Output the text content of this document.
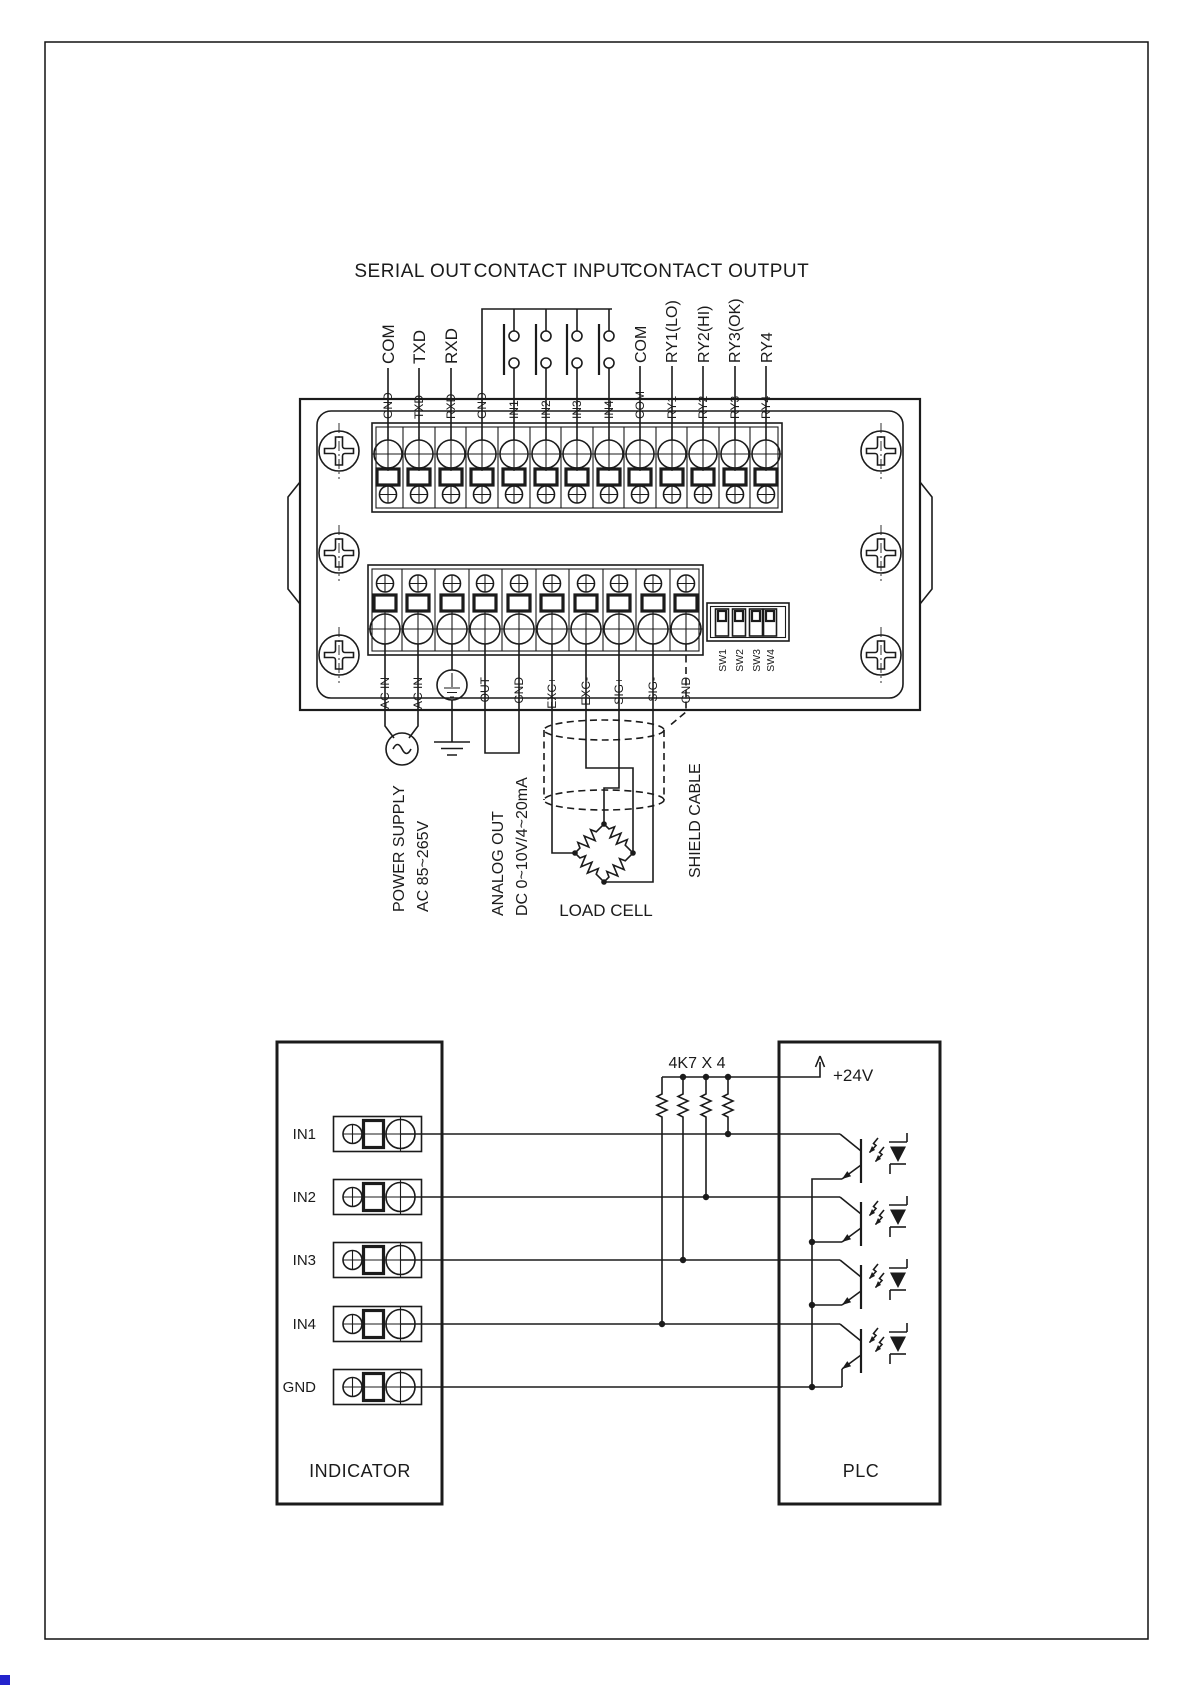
SERIAL OUT CONTACT INPUT
CONTACT OUTPUT
COM TXD RXD	COM RY1(LO) RY2(HI) RY3(OK) RY4
GND TXD RXD GND IN1 IN2 IN3 IN4 COM RY1 RY2 RY3 RY4
SW1 SW2 SW3 SW4
AC IN AC IN	OUT GND EXC+ EXC- SIG+ SIG- GND
POWER SUPPLY AC 85~265V	ANALOG OUT DC 0~10V/4~20mA LOAD CELL
SHIELD CABLE
IN1
IN2
IN3
IN4
GND
4K7 X 4
+24V
INDICATOR	PLC
